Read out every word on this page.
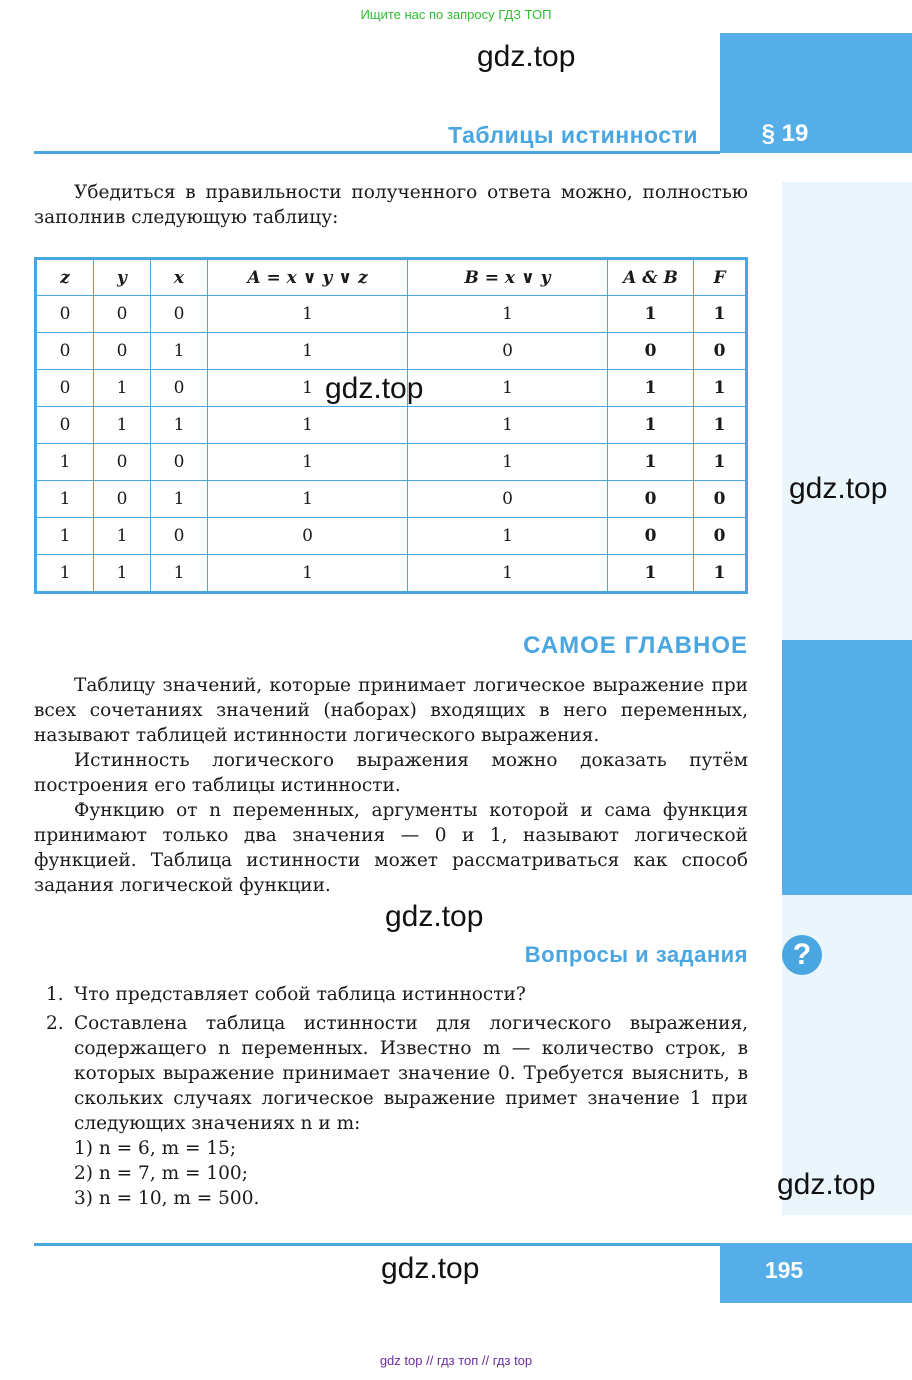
Ищите нас по запросу ГДЗ ТОП
§ 19
Таблицы истинности
Убедиться в правильности полученного ответа можно, полностью заполнив следующую таблицу:
z	y	x	A = x ∨ y ∨ z	B = x ∨ y	A & B	F
0	0	0	1	1	1	1
0	0	1	1	0	0	0
0	1	0	1	1	1	1
0	1	1	1	1	1	1
1	0	0	1	1	1	1
1	0	1	1	0	0	0
1	1	0	0	1	0	0
1	1	1	1	1	1	1
САМОЕ ГЛАВНОЕ

Таблицу значений, которые принимает логическое выражение при всех сочетаниях значений (наборах) входящих в него переменных, называют таблицей истинности логического выражения.

Истинность логического выражения можно доказать путём построения его таблицы истинности.

Функцию от n переменных, аргументы которой и сама функция принимают только два значения — 0 и 1, называют логической функцией. Таблица истинности может рассматриваться как способ задания логической функции.

Вопросы и задания	?
1. Что представляет собой таблица истинности?
2. Составлена таблица истинности для логического выражения, содержащего n переменных. Известно m — количество строк, в которых выражение принимает значение 0. Требуется выяснить, в скольких случаях логическое выражение примет значение 1 при следующих значениях n и m:
1) n = 6, m = 15;
2) n = 7, m = 100;
3) n = 10, m = 500.
195
gdz.top
gdz.top
gdz.top
gdz.top
gdz.top
gdz.top
gdz top // гдз топ // гдз top
